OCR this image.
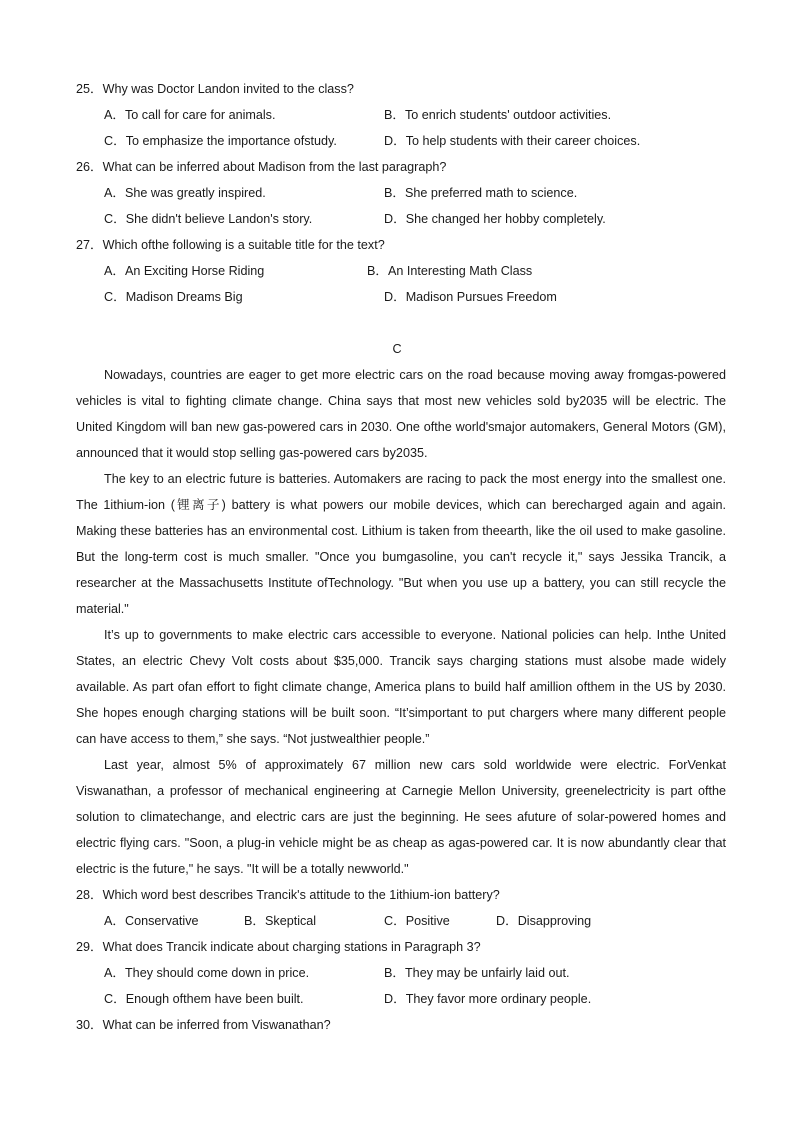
25．Why was Doctor Landon invited to the class?
A．To call for care for animals.	B．To enrich students' outdoor activities.
C．To emphasize the importance ofstudy.	D．To help students with their career choices.
26．What can be inferred about Madison from the last paragraph?
A．She was greatly inspired.	B．She preferred math to science.
C．She didn't believe Landon's story.	D．She changed her hobby completely.
27．Which ofthe following is a suitable title for the text?
A．An Exciting Horse Riding	B．An Interesting Math Class
C．Madison Dreams Big	D．Madison Pursues Freedom
C

Nowadays, countries are eager to get more electric cars on the road because moving away fromgas-powered vehicles is vital to fighting climate change. China says that most new vehicles sold by2035 will be electric. The United Kingdom will ban new gas-powered cars in 2030. One ofthe world'smajor automakers, General Motors (GM), announced that it would stop selling gas-powered cars by2035.

The key to an electric future is batteries. Automakers are racing to pack the most energy into the smallest one. The 1ithium-ion (锂离子) battery is what powers our mobile devices, which can berecharged again and again. Making these batteries has an environmental cost. Lithium is taken from theearth, like the oil used to make gasoline. But the long-term cost is much smaller. "Once you bumgasoline, you can't recycle it," says Jessika Trancik, a researcher at the Massachusetts Institute ofTechnology. "But when you use up a battery, you can still recycle the material."

It’s up to governments to make electric cars accessible to everyone. National policies can help. Inthe United States, an electric Chevy Volt costs about $35,000. Trancik says charging stations must alsobe made widely available. As part ofan effort to fight climate change, America plans to build half amillion ofthem in the US by 2030. She hopes enough charging stations will be built soon. “It’simportant to put chargers where many different people can have access to them,” she says. “Not justwealthier people.”

Last year, almost 5% of approximately 67 million new cars sold worldwide were electric. ForVenkat Viswanathan, a professor of mechanical engineering at Carnegie Mellon University, greenelectricity is part ofthe solution to climatechange, and electric cars are just the beginning. He sees afuture of solar-powered homes and electric flying cars. "Soon, a plug-in vehicle might be as cheap as agas-powered car. It is now abundantly clear that electric is the future," he says. "It will be a totally newworld."

28．Which word best describes Trancik's attitude to the 1ithium-ion battery?
A．Conservative	B．Skeptical	C．Positive	D．Disapproving
29．What does Trancik indicate about charging stations in Paragraph 3?
A．They should come down in price.	B．They may be unfairly laid out.
C．Enough ofthem have been built.	D．They favor more ordinary people.
30．What can be inferred from Viswanathan?
